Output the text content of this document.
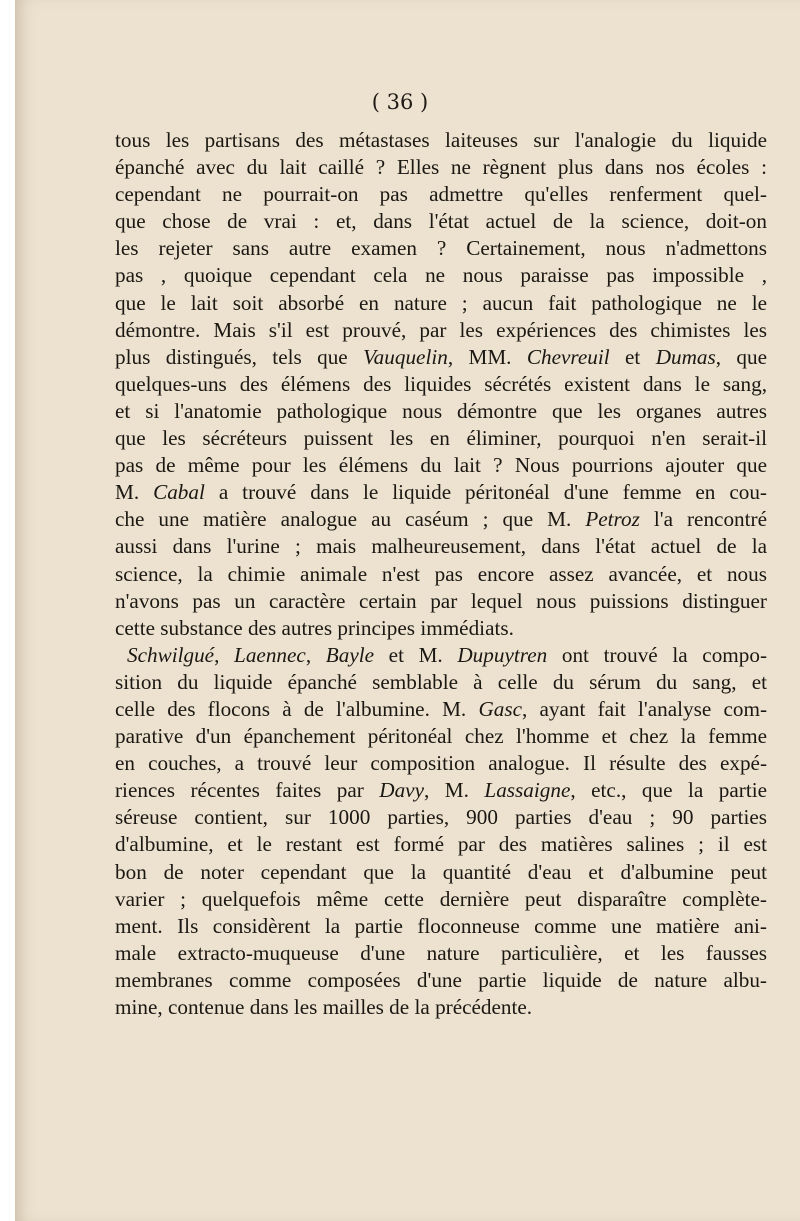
( 36 )
tous les partisans des métastases laiteuses sur l'analogie du liquide
épanché avec du lait caillé ? Elles ne règnent plus dans nos écoles :
cependant ne pourrait-on pas admettre qu'elles renferment quel-
que chose de vrai : et, dans l'état actuel de la science, doit-on
les rejeter sans autre examen ? Certainement, nous n'admettons
pas , quoique cependant cela ne nous paraisse pas impossible ,
que le lait soit absorbé en nature ; aucun fait pathologique ne le
démontre. Mais s'il est prouvé, par les expériences des chimistes les
plus distingués, tels que Vauquelin, MM. Chevreuil et Dumas, que
quelques-uns des élémens des liquides sécrétés existent dans le sang,
et si l'anatomie pathologique nous démontre que les organes autres
que les sécréteurs puissent les en éliminer, pourquoi n'en serait-il
pas de même pour les élémens du lait ? Nous pourrions ajouter que
M. Cabal a trouvé dans le liquide péritonéal d'une femme en cou-
che une matière analogue au caséum ; que M. Petroz l'a rencontré
aussi dans l'urine ; mais malheureusement, dans l'état actuel de la
science, la chimie animale n'est pas encore assez avancée, et nous
n'avons pas un caractère certain par lequel nous puissions distinguer
cette substance des autres principes immédiats.
Schwilgué, Laennec, Bayle et M. Dupuytren ont trouvé la compo-
sition du liquide épanché semblable à celle du sérum du sang, et
celle des flocons à de l'albumine. M. Gasc, ayant fait l'analyse com-
parative d'un épanchement péritonéal chez l'homme et chez la femme
en couches, a trouvé leur composition analogue. Il résulte des expé-
riences récentes faites par Davy, M. Lassaigne, etc., que la partie
séreuse contient, sur 1000 parties, 900 parties d'eau ; 90 parties
d'albumine, et le restant est formé par des matières salines ; il est
bon de noter cependant que la quantité d'eau et d'albumine peut
varier ; quelquefois même cette dernière peut disparaître complète-
ment. Ils considèrent la partie floconneuse comme une matière ani-
male extracto-muqueuse d'une nature particulière, et les fausses
membranes comme composées d'une partie liquide de nature albu-
mine, contenue dans les mailles de la précédente.
